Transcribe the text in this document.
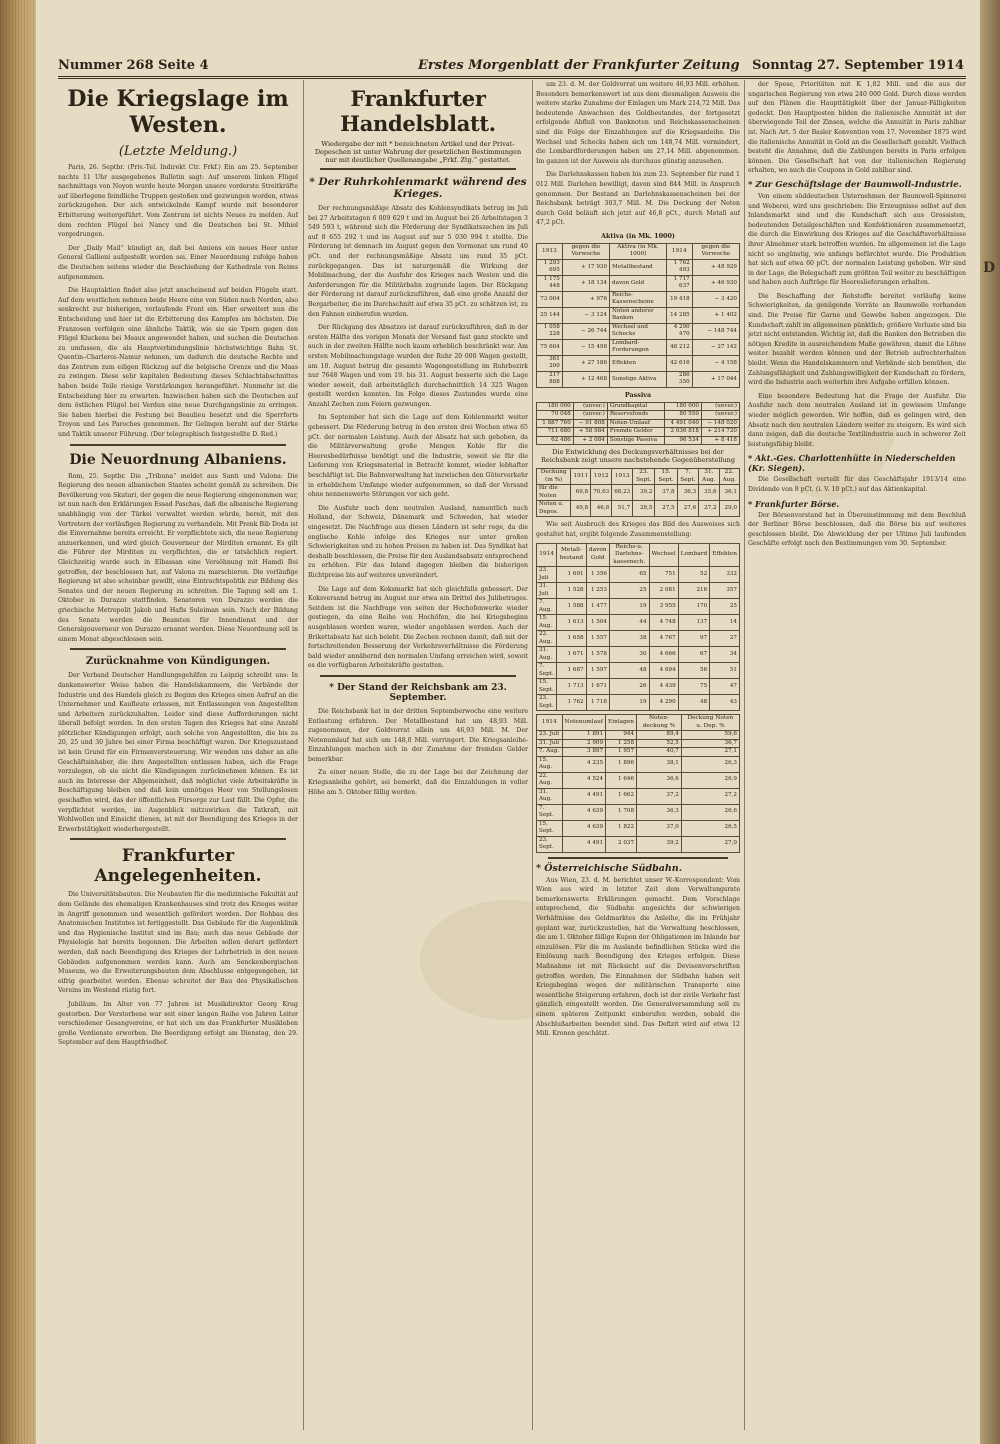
D
Nummer 268 Seite 4	Erstes Morgenblatt der Frankfurter Zeitung Sonntag 27. September 1914
Die Kriegslage im Westen.
(Letzte Meldung.)

Paris, 26. Septbr. (Priv.-Tel. Indirekt Ctr. Frkf.) Ein am 25. September nachts 11 Uhr ausgegebenes Bulletin sagt: Auf unserem linken Flügel nachmittags von Noyon wurde heute Morgen unsere vorderste Streitkräfte auf überlegene feindliche Truppen gestoßen und gezwungen worden, etwas zurückzugehen. Der sich entwickelnde Kampf wurde mit besonderer Erbitterung weitergeführt. Vom Zentrum ist nichts Neues zu melden. Auf dem rechten Flügel bei Nancy und die Deutschen bei St. Mihiel vorgedrungen.

Der „Daily Mail“ kündigt an, daß bei Amiens ein neues Heer unter General Gallieni aufgestellt worden sei. Einer Neuordnung zufolge haben die Deutschen seitens wieder die Beschießung der Kathedrale von Reims aufgenommen.

Die Hauptaktion findet also jetzt anscheinend auf beiden Flügeln statt. Auf dem westlichen nehmen beide Heere eine von Süden nach Norden, also senkrecht zur bisherigen, verlaufende Front ein. Hier erweitert nun die Entscheidung und hier ist die Erbitterung des Kampfes am höchsten. Die Franzosen verfolgen eine ähnliche Taktik, wie sie sie Ypern gegen den Flügel Kluckens bei Meaux angewendet haben, und suchen die Deutschen zu umfassen, die als Hauptverbindungslinie höchstwichtige Bahn St. Quentin–Charleroi–Namur nehmen, um dadurch die deutsche Rechte und das Zentrum zum eiligen Rückzug auf die belgische Grenze und die Maas zu zwingen. Diese sehr kapitalen Bedeutung dieses Schlachtabschnittes haben beide Teile riesige Verstärkungen herangeführt. Nunmehr ist die Entscheidung hier zu erwarten. Inzwischen haben sich die Deutschen auf dem östlichen Flügel bei Verdun eine neue Durchgangslinie zu erringen. Sie haben hierbei die Festung bei Beaulieu besetzt und die Sperrforts Troyon und Les Paroches genommen. Ihr Gelingen beruht auf der Stärke und Taktik unserer Führung. (Der telegraphisch festgestellte D. Red.)

Die Neuordnung Albaniens.

Rom, 25. Septbr. Die „Tribuna“ meldet aus Santi und Valona: Die Regierung des neuen albanischen Staates scheint gemäß zu schreiben. Die Bevölkerung von Skutari, der gegen die neue Regierung eingenommen war, ist nun nach den Erklärungen Essad Paschas, daß die albanische Regierung unabhängig von der Türkei verwaltet werden würde, bereit, mit den Vertretern der vorläufigen Regierung zu verhandeln. Mit Prenk Bib Doda ist die Einvernahme bereits erreicht. Er verpflichtete sich, die neue Regierung anzuerkennen, und wird gleich Gouverneur der Mirditen ernannt. Es gilt die Führer der Mirditen zu verpflichten, die er tatsächlich regiert. Gleichzeitig wurde auch in Elbassan eine Versöhnung mit Hamdi Bei getroffen, der beschlossen hat, auf Valona zu marschieren. Die vorläufige Regierung ist also scheinbar gewillt, eine Eintrachtspolitik zur Bildung des Senates und der neuen Regierung zu schreiten. Die Tagung soll am 1. Oktober in Durazzo stattfinden. Senatoren von Durazzo werden die griechische Metropolit Jakob und Hafis Suleiman sein. Nach der Bildung des Senats werden die Beamten für Innendienst und der Generalgouverneur von Durazzo ernannt werden. Diese Neuordnung soll in einem Monat abgeschlossen sein.

Zurücknahme von Kündigungen.

Der Verband Deutscher Handlungsgehilfen zu Leipzig schreibt uns: In dankenswerter Weise haben die Handelskammern, die Verbände der Industrie und des Handels gleich zu Beginn des Krieges einen Aufruf an die Unternehmer und Kaufleute erlassen, mit Entlassungen von Angestellten und Arbeitern zurückzuhalten. Leider sind diese Aufforderungen nicht überall befolgt worden. In den ersten Tagen des Krieges hat eine Anzahl plötzlicher Kündigungen erfolgt, auch solche von Angestellten, die bis zu 20, 25 und 30 Jahre bei einer Firma beschäftigt waren. Der Kriegszustand ist kein Grund für ein Firmenversteuerung. Wir wenden uns daher an alle Geschäftsinhaber, die ihre Angestellten entlassen haben, sich die Frage vorzulegen, ob sie nicht die Kündigungen zurücknehmen können. Es ist auch im Interesse der Allgemeinheit, daß möglichst viele Arbeitskräfte in Beschäftigung bleiben und daß kein unnötiges Heer von Stellungslosen geschaffen wird, das der öffentlichen Fürsorge zur Last fällt. Die Opfer, die verpflichtet werden, im Augenblick mitzuwirken die Tatkraft, mit Wohlwollen und Einsicht dienen, ist mit der Beendigung des Krieges in der Erwerbstätigkeit wiederhergestellt.

Frankfurter Angelegenheiten.

Die Universitätsbauten. Die Neubauten für die medizinische Fakultät auf dem Gelände des ehemaligen Krankenhauses sind trotz des Krieges weiter in Angriff genommen und wesentlich gefördert worden. Der Rohbau des Anatomischen Institutes ist fertiggestellt. Das Gebäude für die Augenklinik und das Hygienische Institut sind im Bau; auch das neue Gebäude der Physiologie hat bereits begonnen. Die Arbeiten sollen derart gefördert werden, daß nach Beendigung des Krieges der Lehrbetrieb in den neuen Gebäuden aufgenommen werden kann. Auch am Senckenbergischen Museum, wo die Erweiterungsbauten dem Abschlusse entgegengehen, ist eifrig gearbeitet worden. Ebenso schreitet der Bau des Physikalischen Vereins im Westend rüstig fort.

Jubiläum. Im Alter von 77 Jahren ist Musikdirektor Georg Krug gestorben. Der Verstorbene war seit einer langen Reihe von Jahren Leiter verschiedener Gesangvereine, er hat sich um das Frankfurter Musikleben große Verdienste erworben. Die Beerdigung erfolgt am Dienstag, den 29. September auf dem Hauptfriedhof.

Frankfurter Handelsblatt.
Wiedergabe der mit * bezeichneten Artikel und der Privat-Depeschen ist unter Wahrung der gesetzlichen Bestimmungen nur mit deutlicher Quellenangabe „Frkf. Ztg.“ gestattet.
* Der Ruhrkohlenmarkt während des Krieges.

Der rechnungsmäßige Absatz des Kohlensyndikats betrug im Juli bei 27 Arbeitstagen 6 009 629 t und im August bei 26 Arbeitstagen 3 549 593 t, während sich die Förderung der Syndikatszechen im Juli auf 8 655 292 t und im August auf nur 5 030 994 t stellte. Die Förderung ist demnach im August gegen den Vormonat um rund 40 pCt. und der rechnungsmäßige Absatz um rund 35 pCt. zurückgegangen. Das ist naturgemäß die Wirkung der Mobilmachung, der die Ausfuhr des Krieges nach Westen und die Anforderungen für die Militärbahn zugrunde lagen. Der Rückgang der Förderung ist darauf zurückzuführen, daß eine große Anzahl der Bergarbeiter, die im Durchschnitt auf etwa 35 pCt. zu schätzen ist, zu den Fahnen einberufen wurden.

Der Rückgang des Absatzes ist darauf zurückzuführen, daß in der ersten Hälfte des vorigen Monats der Versand fast ganz stockte und auch in der zweiten Hälfte noch kaum erheblich beschränkt war. Am ersten Mobilmachungstage wurden der Ruhr 20 000 Wagen gestellt, am 10. August betrug die gesamte Wagengestellung im Ruhrbezirk nur 7648 Wagen und vom 19. bis 31. August besserte sich die Lage wieder soweit, daß arbeitstäglich durchschnittlich 14 325 Wagen gestellt werden konnten. Im Folge dieses Zustandes wurde eine Anzahl Zechen zum Feiern gezwungen.

Im September hat sich die Lage auf dem Kohlenmarkt weiter gebessert. Die Förderung betrug in den ersten drei Wochen etwa 65 pCt. der normalen Leistung. Auch der Absatz hat sich gehoben, da die Militärverwaltung große Mengen Kohle für die Heeresbedürfnisse benötigt und die Industrie, soweit sie für die Lieferung von Kriegsmaterial in Betracht kommt, wieder lebhafter beschäftigt ist. Die Bahnverwaltung hat inzwischen den Güterverkehr in erheblichem Umfange wieder aufgenommen, so daß der Versand ohne nennenswerte Störungen vor sich geht.

Die Ausfuhr nach dem neutralen Ausland, namentlich nach Holland, der Schweiz, Dänemark und Schweden, hat wieder eingesetzt. Die Nachfrage aus diesen Ländern ist sehr rege, da die englische Kohle infolge des Krieges nur unter großen Schwierigkeiten und zu hohen Preisen zu haben ist. Das Syndikat hat deshalb beschlossen, die Preise für den Auslandsabsatz entsprechend zu erhöhen. Für das Inland dagegen bleiben die bisherigen Richtpreise bis auf weiteres unverändert.

Die Lage auf dem Koksmarkt hat sich gleichfalls gebessert. Der Koksversand betrug im August nur etwa ein Drittel des Julibetrages. Seitdem ist die Nachfrage von seiten der Hochofenwerke wieder gestiegen, da eine Reihe von Hochöfen, die bei Kriegsbeginn ausgeblasen worden waren, wieder angeblasen werden. Auch der Brikettabsatz hat sich belebt. Die Zechen rechnen damit, daß mit der fortschreitenden Besserung der Verkehrsverhältnisse die Förderung bald wieder annähernd den normalen Umfang erreichen wird, soweit es die verfügbaren Arbeitskräfte gestatten.

* Der Stand der Reichsbank am 23. September.

Die Reichsbank hat in der dritten Septemberwoche eine weitere Entlastung erfahren. Der Metallbestand hat um 48,93 Mill. zugenommen, der Goldvorrat allein um 46,93 Mill. M. Der Notenumlauf hat sich um 148,0 Mill. verringert. Die Kriegsanleihe-Einzahlungen machen sich in der Zunahme der fremden Gelder bemerkbar.

Zu einer neuen Stelle, die zu der Lage bei der Zeichnung der Kriegsanleihe gehört, sei bemerkt, daß die Einzahlungen in voller Höhe am 5. Oktober fällig werden.

um 23. d. M. der Goldvorrat um weitere 46,93 Mill. erhöhen. Besonders bemerkenswert ist aus dem diesmaligen Ausweis die weitere starke Zunahme der Einlagen um Mark 214,72 Mill. Das bedeutende Anwachsen des Goldbestandes, der fortgesetzt erfolgende Abfluß von Banknoten und Reichskassenscheinen sind die Folge der Einzahlungen auf die Kriegsanleihe. Die Wechsel und Schecks haben sich um 148,74 Mill. vermindert, die Lombardforderungen haben um 27,14 Mill. abgenommen. Im ganzen ist der Ausweis als durchaus günstig anzusehen.

Die Darlehnskassen haben bis zum 23. September für rund 1 012 Mill. Darlehen bewilligt, davon sind 844 Mill. in Anspruch genommen. Der Bestand an Darlehnskassenscheinen bei der Reichsbank beträgt 303,7 Mill. M. Die Deckung der Noten durch Gold beläuft sich jetzt auf 46,8 pCt., durch Metall auf 47,2 pCt.

Aktiva (in Mk. 1000)
1913	gegen die Vorwoche	Aktiva (in Mk. 1000)	1914	gegen die Vorwoche
1 293 695	+ 17 930	Metallbestand	1 762 493	+ 48 929
1 175 448	+ 18 134	davon Gold	1 717 637	+ 46 930
73 004	+ 976	Reichs-Kassenscheine	19 418	− 3 420
25 144	− 3 124	Noten anderer Banken	14 285	+ 1 402
1 058 228	− 26 744	Wechsel und Schecks	4 290 470	− 148 744
75 604	− 15 498	Lombard-Forderungen	48 212	− 27 142
361 200	+ 27 186	Effekten	42 616	− 4 158
217 888	+ 12 468	Sonstige Aktiva	286 350	+ 17 044
Passiva
180 000	(unver.)	Grundkapital	180 000	(unver.)
70 048	(unver.)	Reservefonds	80 550	(unver.)
1 887 760	− 91 808	Noten-Umlauf	4 491 040	− 148 020
711 680	+ 58 984	Fremde Gelder	2 036 818	+ 214 720
62 486	+ 2 084	Sonstige Passiva	96 534	+ 8 418
Die Entwicklung des Deckungsverhältnisses bei der Reichsbank zeigt unsere nachstehende Gegenüberstellung
Deckung (in %)	1911	1912	1913	23. Sept.	15. Sept.	7. Sept.	31. Aug.	22. Aug.
für die Noten	69,8	70,63	68,23	39,2	37,8	36,3	35,6	36,1
Noten u. Depos.	49,8	46,8	51,7	28,5	27,5	27,6	27,2	29,0

Wie seit Ausbruch des Krieges das Bild des Ausweises sich gestaltet hat, ergibt folgende Zusammenstellung:

1914	Metall-bestand	davon Gold	Reichs-u. Darlehns-kassensch.	Wechsel	Lombard	Effekten
23. Juli	1 691	1 356	65	751	52	332
31. Juli	1 528	1 253	25	2 081	216	357
7. Aug.	1 588	1 477	19	3 955	170	25
15. Aug.	1 613	1 504	44	4 748	137	14
22. Aug.	1 658	1 557	38	4 767	97	27
31. Aug.	1 671	1 578	30	4 666	67	34
7. Sept.	1 687	1 597	48	4 694	56	51
15. Sept.	1 713	1 671	26	4 439	75	47
23. Sept.	1 762	1 718	19	4 290	48	43
1914	Notenumlauf	Einlagen	Noten-deckung %	Deckung Noten u. Dep. %
23. Juli	1 891	944	89,4	59,6
31. Juli	2 909	1 258	52,5	36,7
7. Aug.	3 897	1 957	40,7	27,1
15. Aug.	4 235	1 896	38,1	26,3
22. Aug.	4 524	1 646	36,6	26,9
31. Aug.	4 491	1 662	37,2	27,2
7. Sept.	4 639	1 708	36,3	26,6
15. Sept.	4 639	1 822	37,0	26,5
23. Sept.	4 491	2 037	39,2	27,0
* Österreichische Südbahn.

Aus Wien, 23. d. M. berichtet unser W.-Korrespondent: Vom Wien aus wird in letzter Zeit dem Verwaltungsrate bemerkenswerte Erklärungen gemacht. Dem Vorschlage entsprechend, die Südbahn angesichts der schwierigen Verhältnisse des Geldmarktes die Anleihe, die im Frühjahr geplant war, zurückzustellen, hat die Verwaltung beschlossen, die am 1. Oktober fällige Kupon der Obligationen im Inlande bar einzulösen. Für die im Auslande befindlichen Stücke wird die Einlösung nach Beendigung des Krieges erfolgen. Diese Maßnahme ist mit Rücksicht auf die Devisenvorschriften getroffen worden. Die Einnahmen der Südbahn haben seit Kriegsbeginn wegen der militärischen Transporte eine wesentliche Steigerung erfahren, doch ist der zivile Verkehr fast gänzlich eingestellt worden. Die Generalversammlung soll zu einem späteren Zeitpunkt einberufen werden, sobald die Abschlußarbeiten beendet sind. Das Defizit wird auf etwa 12 Mill. Kronen geschätzt.

der Spese, Prioritäten mit K 1,82 Mill. und die aus der ungarischen Regierung von etwa 240 000 Gold. Durch diese werden auf den Plänen die Haupttätigkeit über der Januar-Fälligkeiten gedeckt. Den Hauptposten bilden die italienische Annuität ist der überwiegende Teil der Zinsen, welche die Annuität in Paris zahlbar ist. Nach Art. 5 der Basler Konvention vom 17. November 1875 wird die italienische Annuität in Gold an die Gesellschaft gezahlt. Vielfach besteht die Annahme, daß die Zahlungen bereits in Paris erfolgen können. Die Gesellschaft hat von der italienischen Regierung erhalten, wo auch die Coupons in Gold zahlbar sind.

* Zur Geschäftslage der Baumwoll-Industrie.

Von einem süddeutschen Unternehmen der Baumwoll-Spinnerei und Weberei, wird uns geschrieben: Die Erzeugnisse selbst auf den Inlandsmarkt sind und die Kundschaft sich aus Grossisten, bedeutenden Detailgeschäften und Konfektionären zusammensetzt, die durch die Einwirkung des Krieges auf die Geschäftsverhältnisse ihrer Abnehmer stark betroffen wurden. Im allgemeinen ist die Lage nicht so ungünstig, wie anfangs befürchtet wurde. Die Produktion hat sich auf etwa 60 pCt. der normalen Leistung gehoben. Wir sind in der Lage, die Belegschaft zum größten Teil weiter zu beschäftigen und haben auch Aufträge für Heereslieferungen erhalten.

Die Beschaffung der Rohstoffe bereitet vorläufig keine Schwierigkeiten, da genügende Vorräte an Baumwolle vorhanden sind. Die Preise für Garne und Gewebe haben angezogen. Die Kundschaft zahlt im allgemeinen pünktlich; größere Verluste sind bis jetzt nicht entstanden. Wichtig ist, daß die Banken den Betrieben die nötigen Kredite in ausreichendem Maße gewähren, damit die Löhne weiter bezahlt werden können und der Betrieb aufrechterhalten bleibt. Wenn die Handelskammern und Verbände sich bemühen, die Zahlungsfähigkeit und Zahlungswilligkeit der Kundschaft zu fördern, wird die Industrie auch weiterhin ihre Aufgabe erfüllen können.

Eine besondere Bedeutung hat die Frage der Ausfuhr. Die Ausfuhr nach dem neutralen Ausland ist in gewissem Umfange wieder möglich geworden. Wir hoffen, daß es gelingen wird, den Absatz nach den neutralen Ländern weiter zu steigern. Es wird sich dann zeigen, daß die deutsche Textilindustrie auch in schwerer Zeit leistungsfähig bleibt.

* Akt.-Ges. Charlottenhütte in Niederschelden (Kr. Siegen).

Die Gesellschaft verteilt für das Geschäftsjahr 1913/14 eine Dividende von 8 pCt. (i. V. 10 pCt.) auf das Aktienkapital.

* Frankfurter Börse.

Der Börsenvorstand hat in Übereinstimmung mit dem Beschluß der Berliner Börse beschlossen, daß die Börse bis auf weiteres geschlossen bleibt. Die Abwicklung der per Ultimo Juli laufenden Geschäfte erfolgt nach den Bestimmungen vom 30. September.
